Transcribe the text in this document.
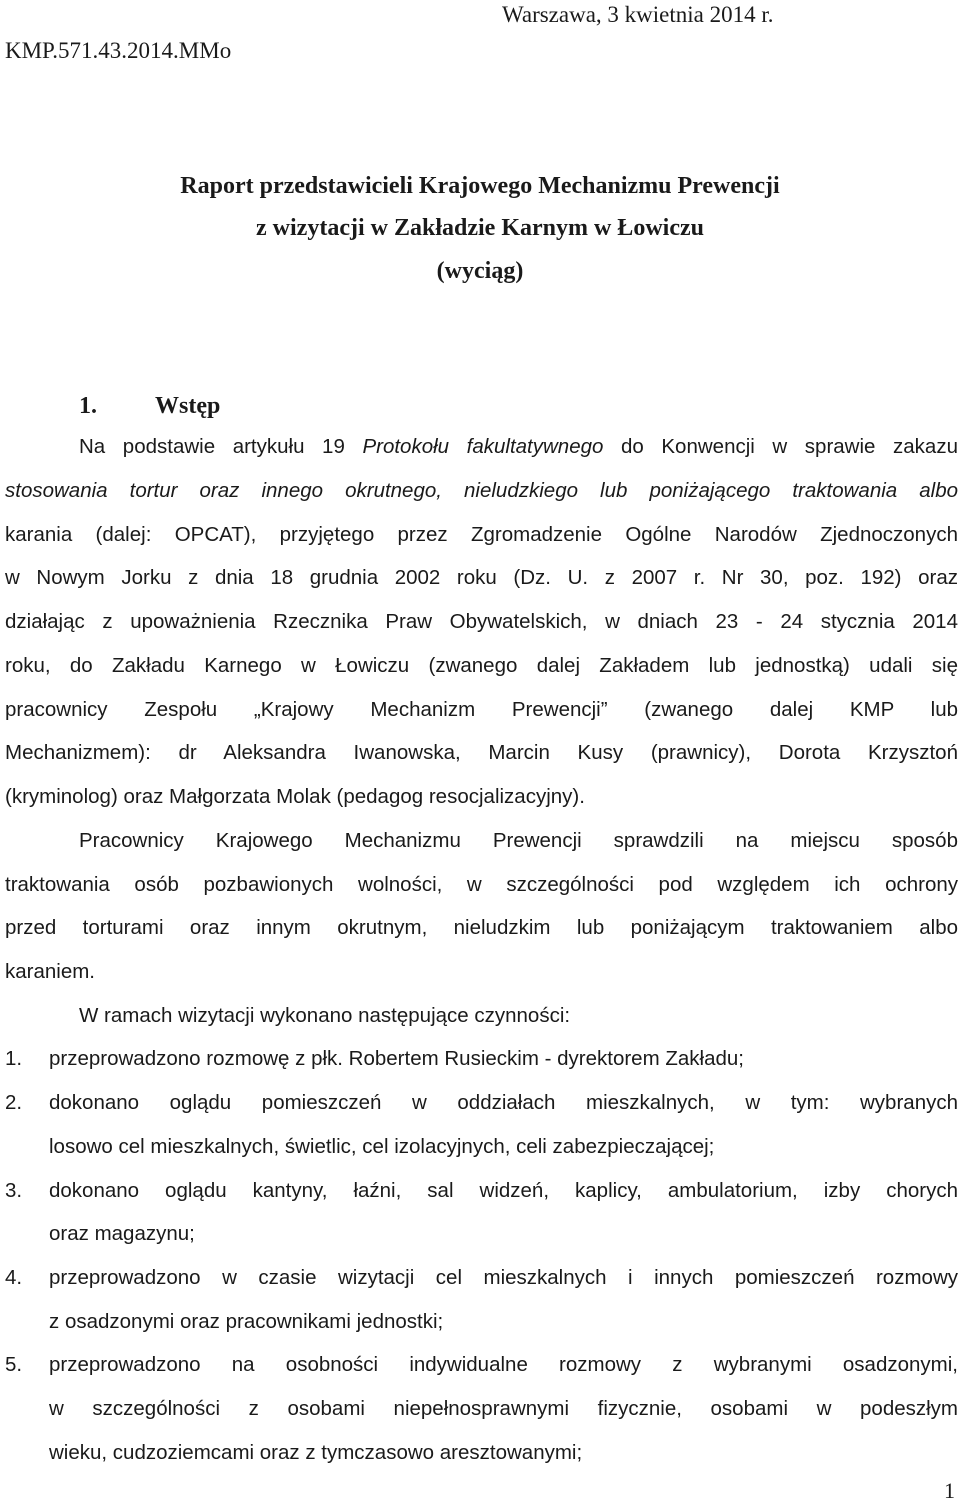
Warszawa, 3 kwietnia 2014 r.
KMP.571.43.2014.MMo
Raport przedstawicieli Krajowego Mechanizmu Prewencji
z wizytacji w Zakładzie Karnym w Łowiczu
(wyciąg)
1. Wstęp
Na podstawie artykułu 19 Protokołu fakultatywnego do Konwencji w sprawie zakazu
stosowania tortur oraz innego okrutnego, nieludzkiego lub poniżającego traktowania albo
karania (dalej: OPCAT), przyjętego przez Zgromadzenie Ogólne Narodów Zjednoczonych
w Nowym Jorku z dnia 18 grudnia 2002 roku (Dz. U. z 2007 r. Nr 30, poz. 192) oraz
działając z upoważnienia Rzecznika Praw Obywatelskich, w dniach 23 - 24 stycznia 2014
roku, do Zakładu Karnego w Łowiczu (zwanego dalej Zakładem lub jednostką) udali się
pracownicy Zespołu „Krajowy Mechanizm Prewencji” (zwanego dalej KMP lub
Mechanizmem): dr Aleksandra Iwanowska, Marcin Kusy (prawnicy), Dorota Krzysztoń
(kryminolog) oraz Małgorzata Molak (pedagog resocjalizacyjny).
Pracownicy Krajowego Mechanizmu Prewencji sprawdzili na miejscu sposób
traktowania osób pozbawionych wolności, w szczególności pod względem ich ochrony
przed torturami oraz innym okrutnym, nieludzkim lub poniżającym traktowaniem albo
karaniem.
W ramach wizytacji wykonano następujące czynności:
1. przeprowadzono rozmowę z płk. Robertem Rusieckim - dyrektorem Zakładu;
2. dokonano oglądu pomieszczeń w oddziałach mieszkalnych, w tym: wybranych
losowo cel mieszkalnych, świetlic, cel izolacyjnych, celi zabezpieczającej;
3. dokonano oglądu kantyny, łaźni, sal widzeń, kaplicy, ambulatorium, izby chorych
oraz magazynu;
4. przeprowadzono w czasie wizytacji cel mieszkalnych i innych pomieszczeń rozmowy
z osadzonymi oraz pracownikami jednostki;
5. przeprowadzono na osobności indywidualne rozmowy z wybranymi osadzonymi,
w szczególności z osobami niepełnosprawnymi fizycznie, osobami w podeszłym
wieku, cudzoziemcami oraz z tymczasowo aresztowanymi;
1
